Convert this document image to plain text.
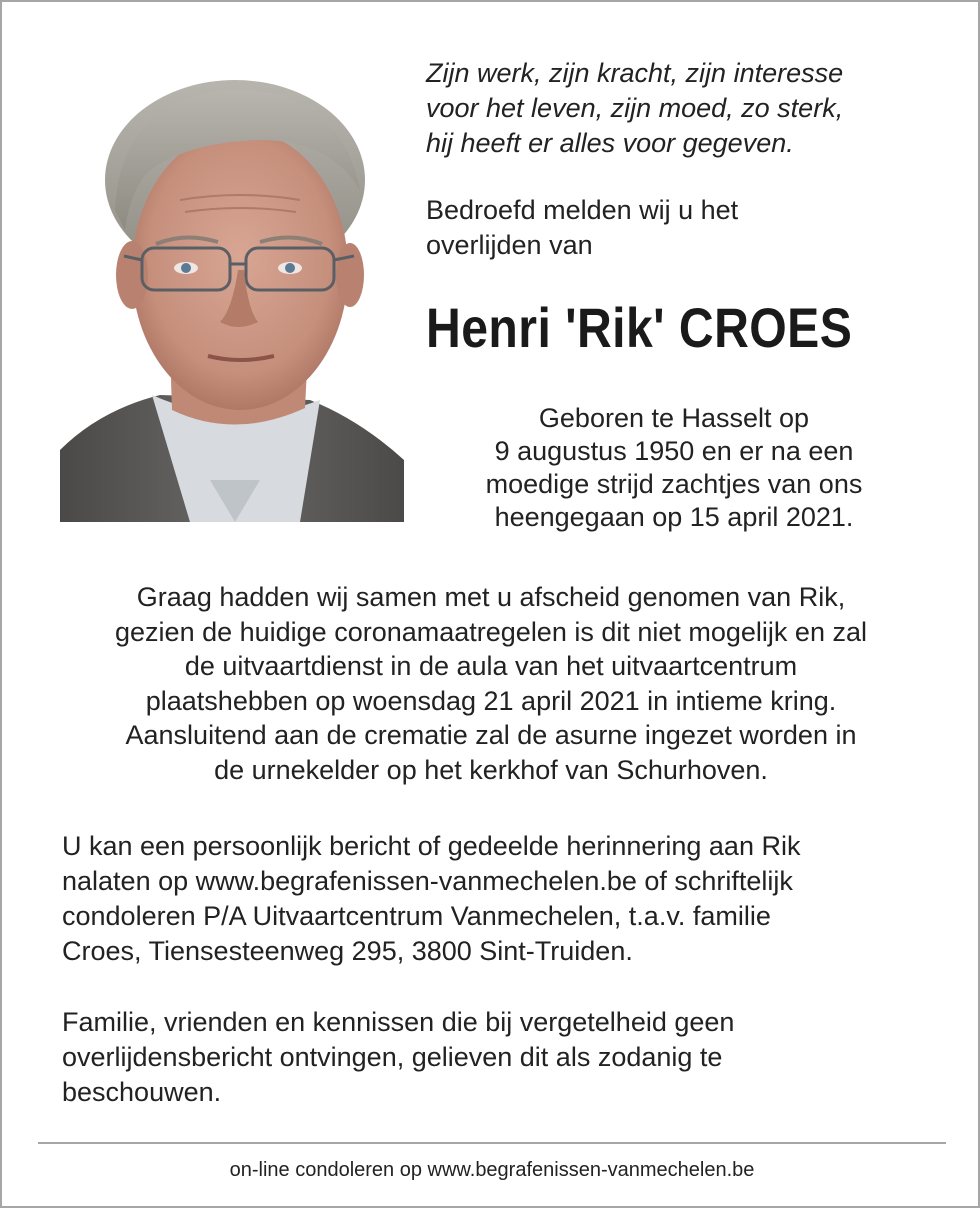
Zijn werk, zijn kracht, zijn interesse
voor het leven, zijn moed, zo sterk,
hij heeft er alles voor gegeven.
Bedroefd melden wij u het
overlijden van
Henri 'Rik' CROES
Geboren te Hasselt op
9 augustus 1950 en er na een
moedige strijd zachtjes van ons
heengegaan op 15 april 2021.
Graag hadden wij samen met u afscheid genomen van Rik,
gezien de huidige coronamaatregelen is dit niet mogelijk en zal
de uitvaartdienst in de aula van het uitvaartcentrum
plaatshebben op woensdag 21 april 2021 in intieme kring.
Aansluitend aan de crematie zal de asurne ingezet worden in
de urnekelder op het kerkhof van Schurhoven.
U kan een persoonlijk bericht of gedeelde herinnering aan Rik
nalaten op www.begrafenissen-vanmechelen.be of schriftelijk
condoleren P/A Uitvaartcentrum Vanmechelen, t.a.v. familie
Croes, Tiensesteenweg 295, 3800 Sint-Truiden.
Familie, vrienden en kennissen die bij vergetelheid geen
overlijdensbericht ontvingen, gelieven dit als zodanig te
beschouwen.
on-line condoleren op www.begrafenissen-vanmechelen.be
